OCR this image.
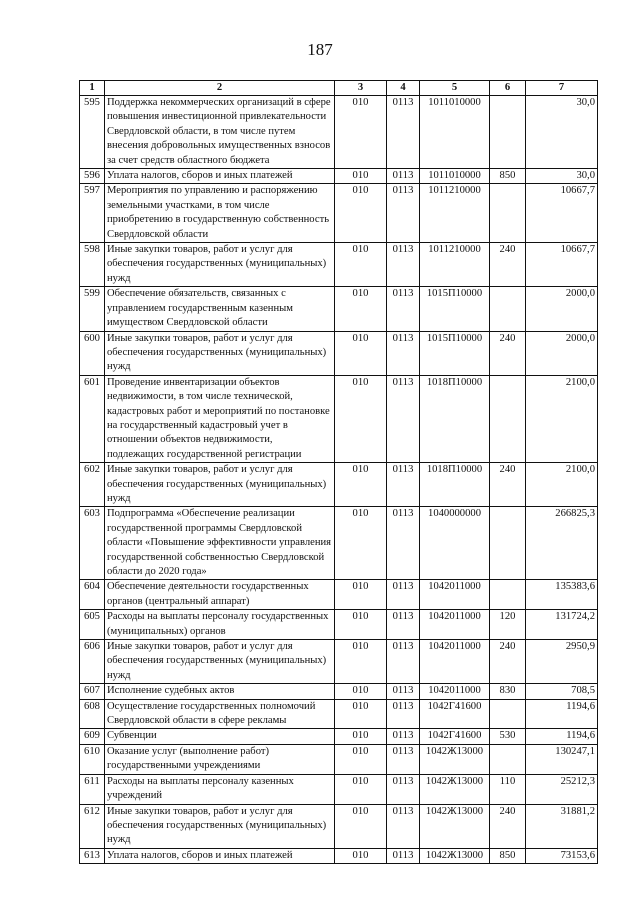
187
1	2	3	4	5	6	7
595	Поддержка некоммерческих организаций в сфере повышения инвестиционной привлекательности Свердловской области, в том числе путем внесения добровольных имущественных взносов за счет средств областного бюджета	010	0113	1011010000		30,0
596	Уплата налогов, сборов и иных платежей	010	0113	1011010000	850	30,0
597	Мероприятия по управлению и распоряжению земельными участками, в том числе приобретению в государственную собственность Свердловской области	010	0113	1011210000		10667,7
598	Иные закупки товаров, работ и услуг для обеспечения государственных (муниципальных) нужд	010	0113	1011210000	240	10667,7
599	Обеспечение обязательств, связанных с управлением государственным казенным имуществом Свердловской области	010	0113	1015П10000		2000,0
600	Иные закупки товаров, работ и услуг для обеспечения государственных (муниципальных) нужд	010	0113	1015П10000	240	2000,0
601	Проведение инвентаризации объектов недвижимости, в том числе технической, кадастровых работ и мероприятий по постановке на государственный кадастровый учет в отношении объектов недвижимости, подлежащих государственной регистрации	010	0113	1018П10000		2100,0
602	Иные закупки товаров, работ и услуг для обеспечения государственных (муниципальных) нужд	010	0113	1018П10000	240	2100,0
603	Подпрограмма «Обеспечение реализации государственной программы Свердловской области «Повышение эффективности управления государственной собственностью Свердловской области до 2020 года»	010	0113	1040000000		266825,3
604	Обеспечение деятельности государственных органов (центральный аппарат)	010	0113	1042011000		135383,6
605	Расходы на выплаты персоналу государственных (муниципальных) органов	010	0113	1042011000	120	131724,2
606	Иные закупки товаров, работ и услуг для обеспечения государственных (муниципальных) нужд	010	0113	1042011000	240	2950,9
607	Исполнение судебных актов	010	0113	1042011000	830	708,5
608	Осуществление государственных полномочий Свердловской области в сфере рекламы	010	0113	1042Г41600		1194,6
609	Субвенции	010	0113	1042Г41600	530	1194,6
610	Оказание услуг (выполнение работ) государственными учреждениями	010	0113	1042Ж13000		130247,1
611	Расходы на выплаты персоналу казенных учреждений	010	0113	1042Ж13000	110	25212,3
612	Иные закупки товаров, работ и услуг для обеспечения государственных (муниципальных) нужд	010	0113	1042Ж13000	240	31881,2
613	Уплата налогов, сборов и иных платежей	010	0113	1042Ж13000	850	73153,6
